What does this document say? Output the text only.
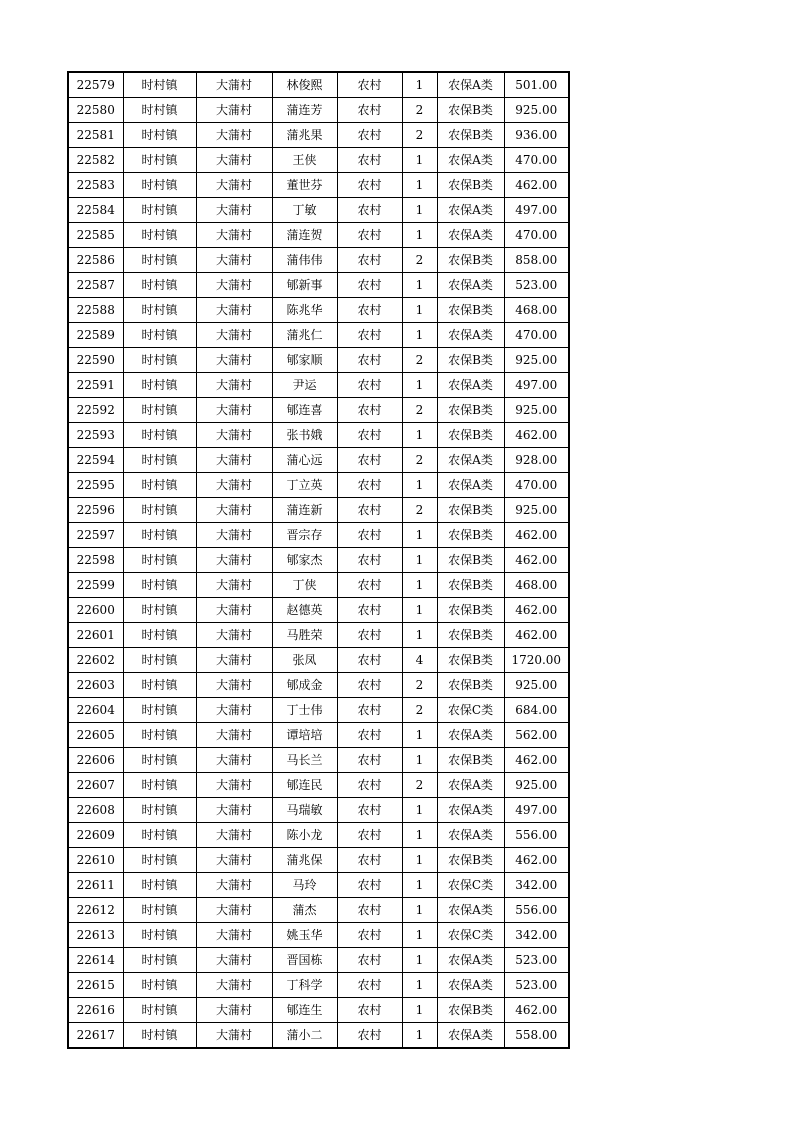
22579	时村镇	大蒲村	林俊熙	农村	1	农保A类	501.00
22580	时村镇	大蒲村	蒲连芳	农村	2	农保B类	925.00
22581	时村镇	大蒲村	蒲兆果	农村	2	农保B类	936.00
22582	时村镇	大蒲村	王侠	农村	1	农保A类	470.00
22583	时村镇	大蒲村	董世芬	农村	1	农保B类	462.00
22584	时村镇	大蒲村	丁敏	农村	1	农保A类	497.00
22585	时村镇	大蒲村	蒲连贺	农村	1	农保A类	470.00
22586	时村镇	大蒲村	蒲伟伟	农村	2	农保B类	858.00
22587	时村镇	大蒲村	郇新事	农村	1	农保A类	523.00
22588	时村镇	大蒲村	陈兆华	农村	1	农保B类	468.00
22589	时村镇	大蒲村	蒲兆仁	农村	1	农保A类	470.00
22590	时村镇	大蒲村	郇家顺	农村	2	农保B类	925.00
22591	时村镇	大蒲村	尹运	农村	1	农保A类	497.00
22592	时村镇	大蒲村	郇连喜	农村	2	农保B类	925.00
22593	时村镇	大蒲村	张书娥	农村	1	农保B类	462.00
22594	时村镇	大蒲村	蒲心远	农村	2	农保A类	928.00
22595	时村镇	大蒲村	丁立英	农村	1	农保A类	470.00
22596	时村镇	大蒲村	蒲连新	农村	2	农保B类	925.00
22597	时村镇	大蒲村	晋宗存	农村	1	农保B类	462.00
22598	时村镇	大蒲村	郇家杰	农村	1	农保B类	462.00
22599	时村镇	大蒲村	丁侠	农村	1	农保B类	468.00
22600	时村镇	大蒲村	赵德英	农村	1	农保B类	462.00
22601	时村镇	大蒲村	马胜荣	农村	1	农保B类	462.00
22602	时村镇	大蒲村	张凤	农村	4	农保B类	1720.00
22603	时村镇	大蒲村	郇成金	农村	2	农保B类	925.00
22604	时村镇	大蒲村	丁士伟	农村	2	农保C类	684.00
22605	时村镇	大蒲村	谭培培	农村	1	农保A类	562.00
22606	时村镇	大蒲村	马长兰	农村	1	农保B类	462.00
22607	时村镇	大蒲村	郇连民	农村	2	农保A类	925.00
22608	时村镇	大蒲村	马瑞敏	农村	1	农保A类	497.00
22609	时村镇	大蒲村	陈小龙	农村	1	农保A类	556.00
22610	时村镇	大蒲村	蒲兆保	农村	1	农保B类	462.00
22611	时村镇	大蒲村	马玲	农村	1	农保C类	342.00
22612	时村镇	大蒲村	蒲杰	农村	1	农保A类	556.00
22613	时村镇	大蒲村	姚玉华	农村	1	农保C类	342.00
22614	时村镇	大蒲村	晋国栋	农村	1	农保A类	523.00
22615	时村镇	大蒲村	丁科学	农村	1	农保A类	523.00
22616	时村镇	大蒲村	郇连生	农村	1	农保B类	462.00
22617	时村镇	大蒲村	蒲小二	农村	1	农保A类	558.00
